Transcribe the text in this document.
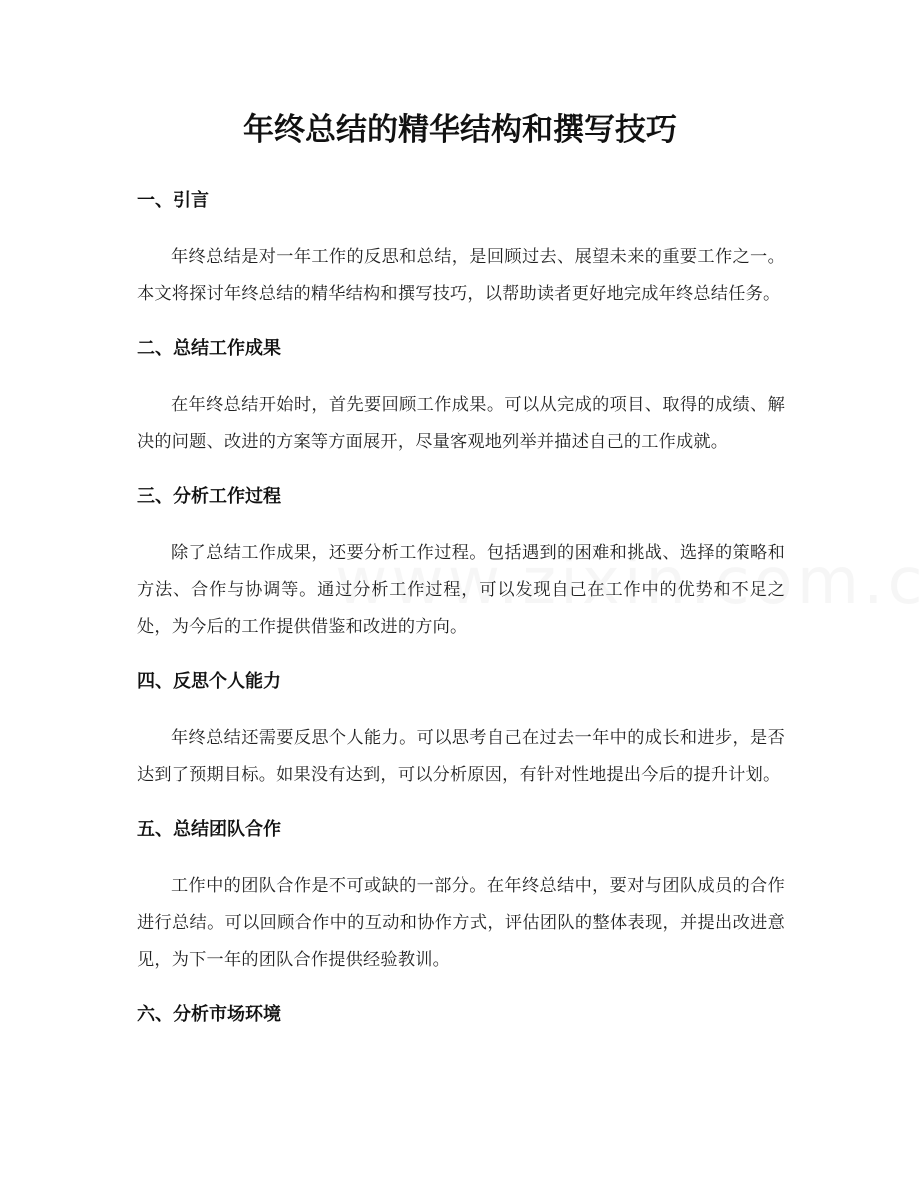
年终总结的精华结构和撰写技巧
一、引言

年终总结是对一年工作的反思和总结，是回顾过去、展望未来的重要工作之一。本文将探讨年终总结的精华结构和撰写技巧，以帮助读者更好地完成年终总结任务。

二、总结工作成果

在年终总结开始时，首先要回顾工作成果。可以从完成的项目、取得的成绩、解决的问题、改进的方案等方面展开，尽量客观地列举并描述自己的工作成就。

三、分析工作过程

除了总结工作成果，还要分析工作过程。包括遇到的困难和挑战、选择的策略和方法、合作与协调等。通过分析工作过程，可以发现自己在工作中的优势和不足之处，为今后的工作提供借鉴和改进的方向。

四、反思个人能力

年终总结还需要反思个人能力。可以思考自己在过去一年中的成长和进步，是否达到了预期目标。如果没有达到，可以分析原因，有针对性地提出今后的提升计划。

五、总结团队合作

工作中的团队合作是不可或缺的一部分。在年终总结中，要对与团队成员的合作进行总结。可以回顾合作中的互动和协作方式，评估团队的整体表现，并提出改进意见，为下一年的团队合作提供经验教训。

六、分析市场环境
